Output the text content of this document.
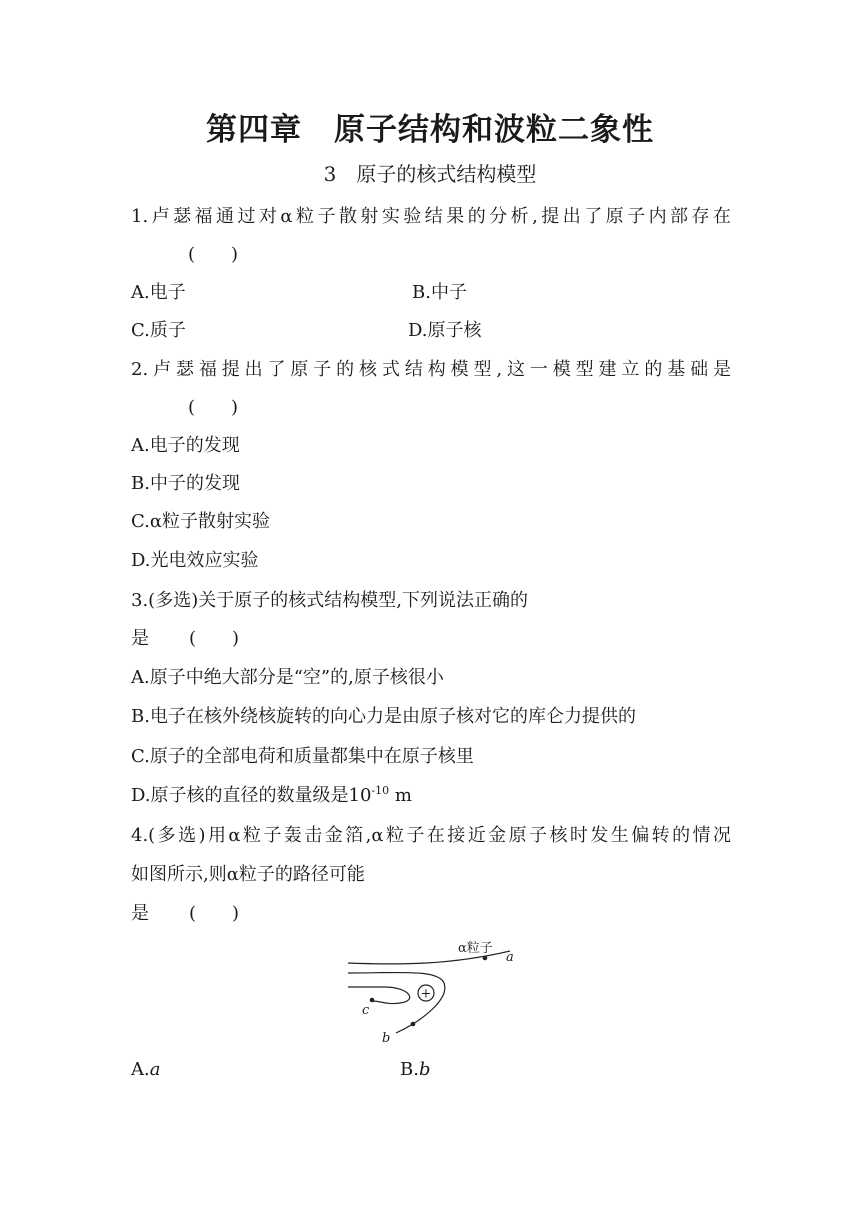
第四章　原子结构和波粒二象性
3　原子的核式结构模型
1.卢瑟福通过对α粒子散射实验结果的分析,提出了原子内部存在
(　　)
A.电子	B.中子
C.质子	D.原子核
2.卢瑟福提出了原子的核式结构模型,这一模型建立的基础是
(　　)
A.电子的发现
B.中子的发现
C.α粒子散射实验
D.光电效应实验
3.(多选)关于原子的核式结构模型,下列说法正确的
是 (　　)
A.原子中绝大部分是“空”的,原子核很小
B.电子在核外绕核旋转的向心力是由原子核对它的库仑力提供的
C.原子的全部电荷和质量都集中在原子核里
D.原子核的直径的数量级是$10^{-10}$ m
4.(多选)用α粒子轰击金箔,α粒子在接近金原子核时发生偏转的情况
如图所示,则α粒子的路径可能
是 (　　)
α粒子
a
c
b
+
A.a	B.b
